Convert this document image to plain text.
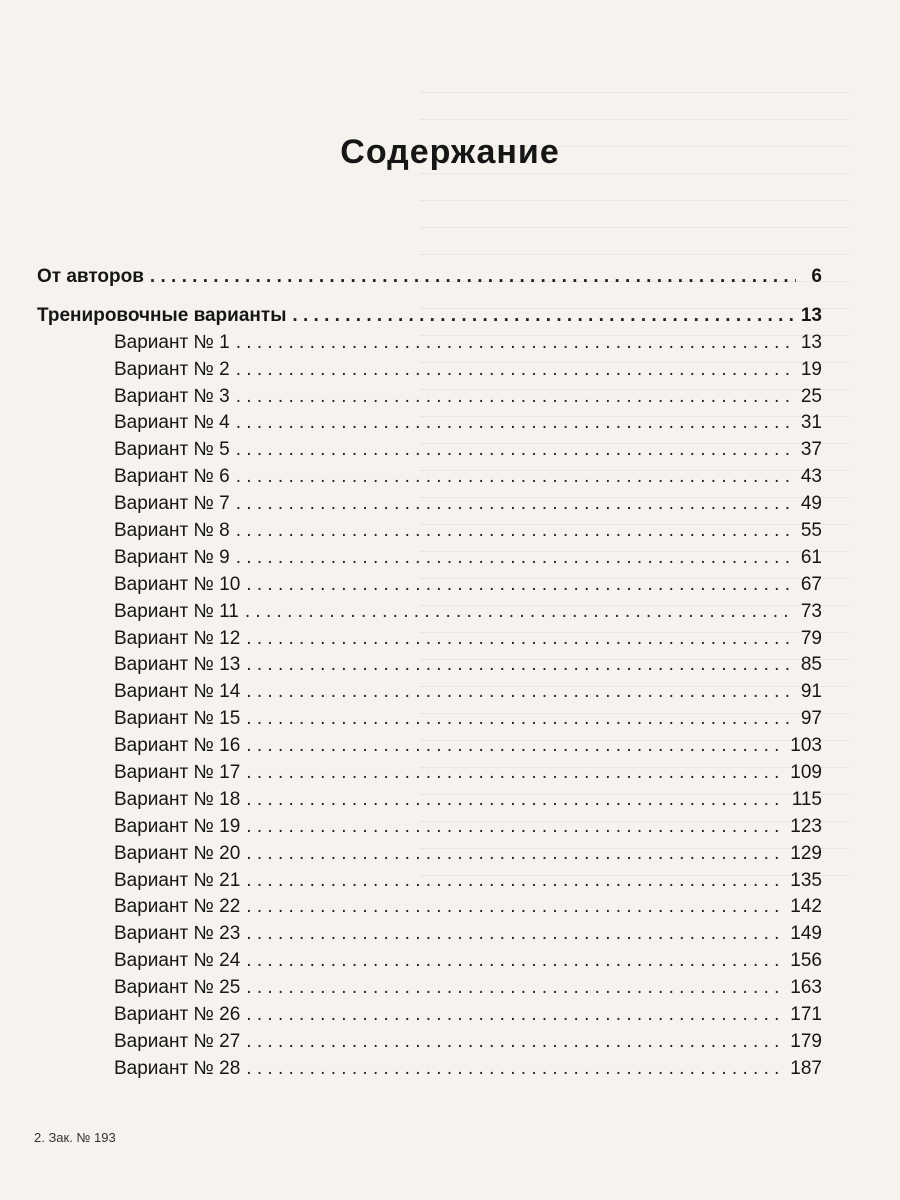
Содержание
От авторов . . .	6
Тренировочные варианты . . .	13
Вариант № 1 . . .	13
Вариант № 2 . . .	19
Вариант № 3 . . .	25
Вариант № 4 . . .	31
Вариант № 5 . . .	37
Вариант № 6 . . .	43
Вариант № 7 . . .	49
Вариант № 8 . . .	55
Вариант № 9 . . .	61
Вариант № 10 . . .	67
Вариант № 11 . . .	73
Вариант № 12 . . .	79
Вариант № 13 . . .	85
Вариант № 14 . . .	91
Вариант № 15 . . .	97
Вариант № 16 . . .	103
Вариант № 17 . . .	109
Вариант № 18 . . .	115
Вариант № 19 . . .	123
Вариант № 20 . . .	129
Вариант № 21 . . .	135
Вариант № 22 . . .	142
Вариант № 23 . . .	149
Вариант № 24 . . .	156
Вариант № 25 . . .	163
Вариант № 26 . . .	171
Вариант № 27 . . .	179
Вариант № 28 . . .	187
2. Зак. № 193
